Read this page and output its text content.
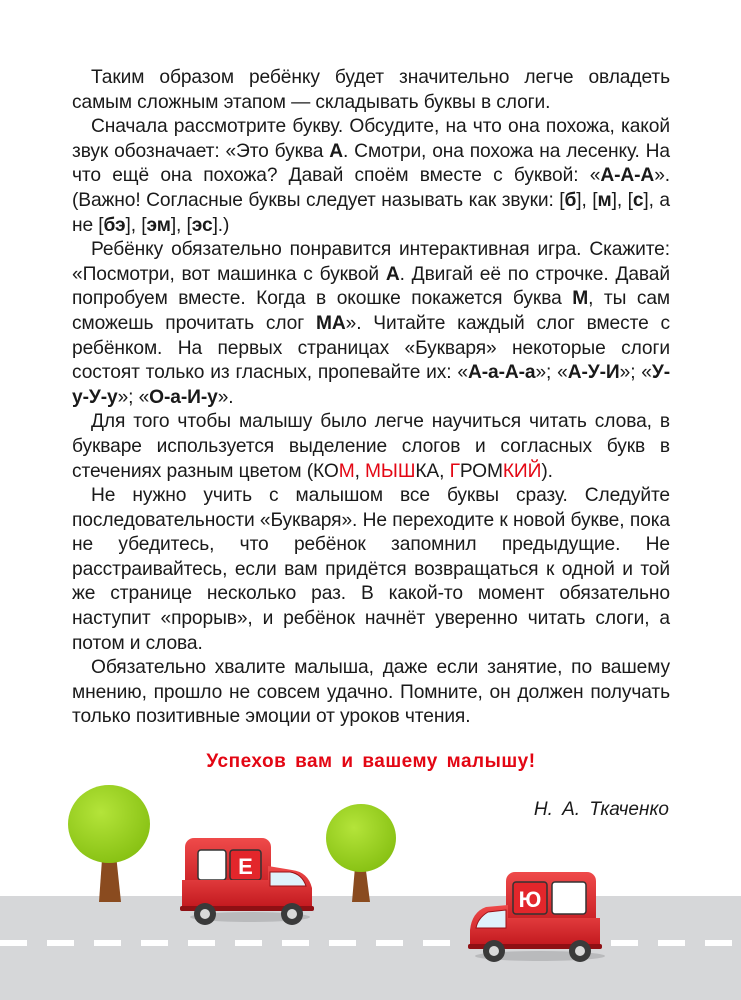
Таким образом ребёнку будет значительно легче овладеть самым сложным этапом — складывать буквы в слоги.

Сначала рассмотрите букву. Обсудите, на что она похожа, какой звук обозначает: «Это буква А. Смотри, она похожа на лесенку. На что ещё она похожа? Давай споём вместе с буквой: «А-А-А». (Важно! Согласные буквы следует называть как звуки: [б], [м], [с], а не [бэ], [эм], [эс].)

Ребёнку обязательно понравится интерактивная игра. Скажите: «Посмотри, вот машинка с буквой А. Двигай её по строчке. Давай попробуем вместе. Когда в окошке покажется буква М, ты сам сможешь прочитать слог МА». Читайте каждый слог вместе с ребёнком. На первых страницах «Букваря» некоторые слоги состоят только из гласных, пропевайте их: «А-а-А-а»; «А-У-И»; «У-у-У-у»; «О-а-И-у».

Для того чтобы малышу было легче научиться читать слова, в букваре используется выделение слогов и согласных букв в стечениях разным цветом (КОМ, МЫШКА, ГРОМКИЙ).

Не нужно учить с малышом все буквы сразу. Следуйте последовательности «Букваря». Не переходите к новой букве, пока не убедитесь, что ребёнок запомнил предыдущие. Не расстраивайтесь, если вам придётся возвращаться к одной и той же странице несколько раз. В какой-то момент обязательно наступит «прорыв», и ребёнок начнёт уверенно читать слоги, а потом и слова.

Обязательно хвалите малыша, даже если занятие, по вашему мнению, прошло не совсем удачно. Помните, он должен получать только позитивные эмоции от уроков чтения.

Успехов вам и вашему малышу!
Н. А. Ткаченко
Е
Ю
